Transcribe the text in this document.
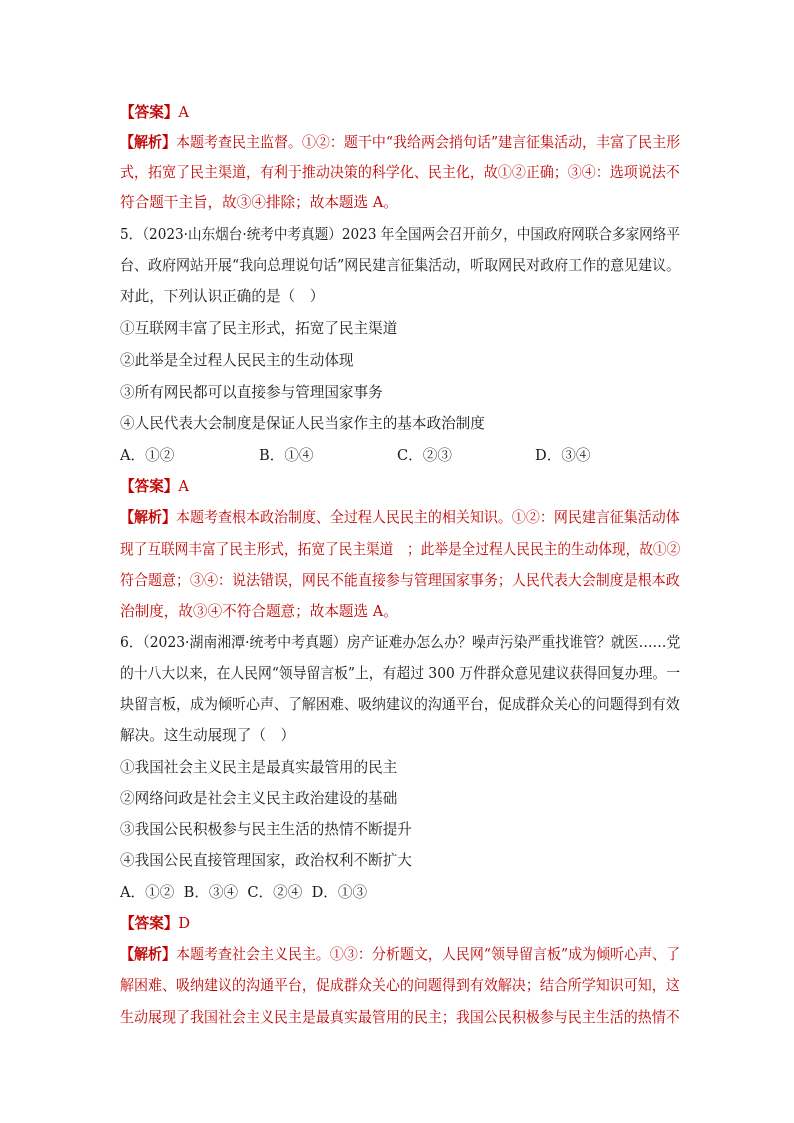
【答案】A
【解析】本题考查民主监督。①②：题干中“我给两会捎句话”建言征集活动，丰富了民主形
式，拓宽了民主渠道，有利于推动决策的科学化、民主化，故①②正确；③④：选项说法不
符合题干主旨，故③④排除；故本题选 A。
5．（2023·山东烟台·统考中考真题）2023 年全国两会召开前夕，中国政府网联合多家网络平
台、政府网站开展“我向总理说句话”网民建言征集活动，听取网民对政府工作的意见建议。
对此，下列认识正确的是（　）
①互联网丰富了民主形式，拓宽了民主渠道
②此举是全过程人民民主的生动体现
③所有网民都可以直接参与管理国家事务
④人民代表大会制度是保证人民当家作主的基本政治制度
A．①②	B．①④	C．②③	D．③④
【答案】A
【解析】本题考查根本政治制度、全过程人民民主的相关知识。①②：网民建言征集活动体
现了互联网丰富了民主形式，拓宽了民主渠道　；此举是全过程人民民主的生动体现，故①②
符合题意；③④：说法错误，网民不能直接参与管理国家事务；人民代表大会制度是根本政
治制度，故③④不符合题意；故本题选 A。
6．（2023·湖南湘潭·统考中考真题）房产证难办怎么办？噪声污染严重找谁管？就医……党
的十八大以来，在人民网“领导留言板”上，有超过 300 万件群众意见建议获得回复办理。一
块留言板，成为倾听心声、了解困难、吸纳建议的沟通平台，促成群众关心的问题得到有效
解决。这生动展现了（　）
①我国社会主义民主是最真实最管用的民主
②网络问政是社会主义民主政治建设的基础
③我国公民积极参与民主生活的热情不断提升
④我国公民直接管理国家，政治权利不断扩大
A．①②  B．③④  C．②④  D．①③
【答案】D
【解析】本题考查社会主义民主。①③：分析题文，人民网“领导留言板”成为倾听心声、了
解困难、吸纳建议的沟通平台，促成群众关心的问题得到有效解决；结合所学知识可知，这
生动展现了我国社会主义民主是最真实最管用的民主；我国公民积极参与民主生活的热情不
